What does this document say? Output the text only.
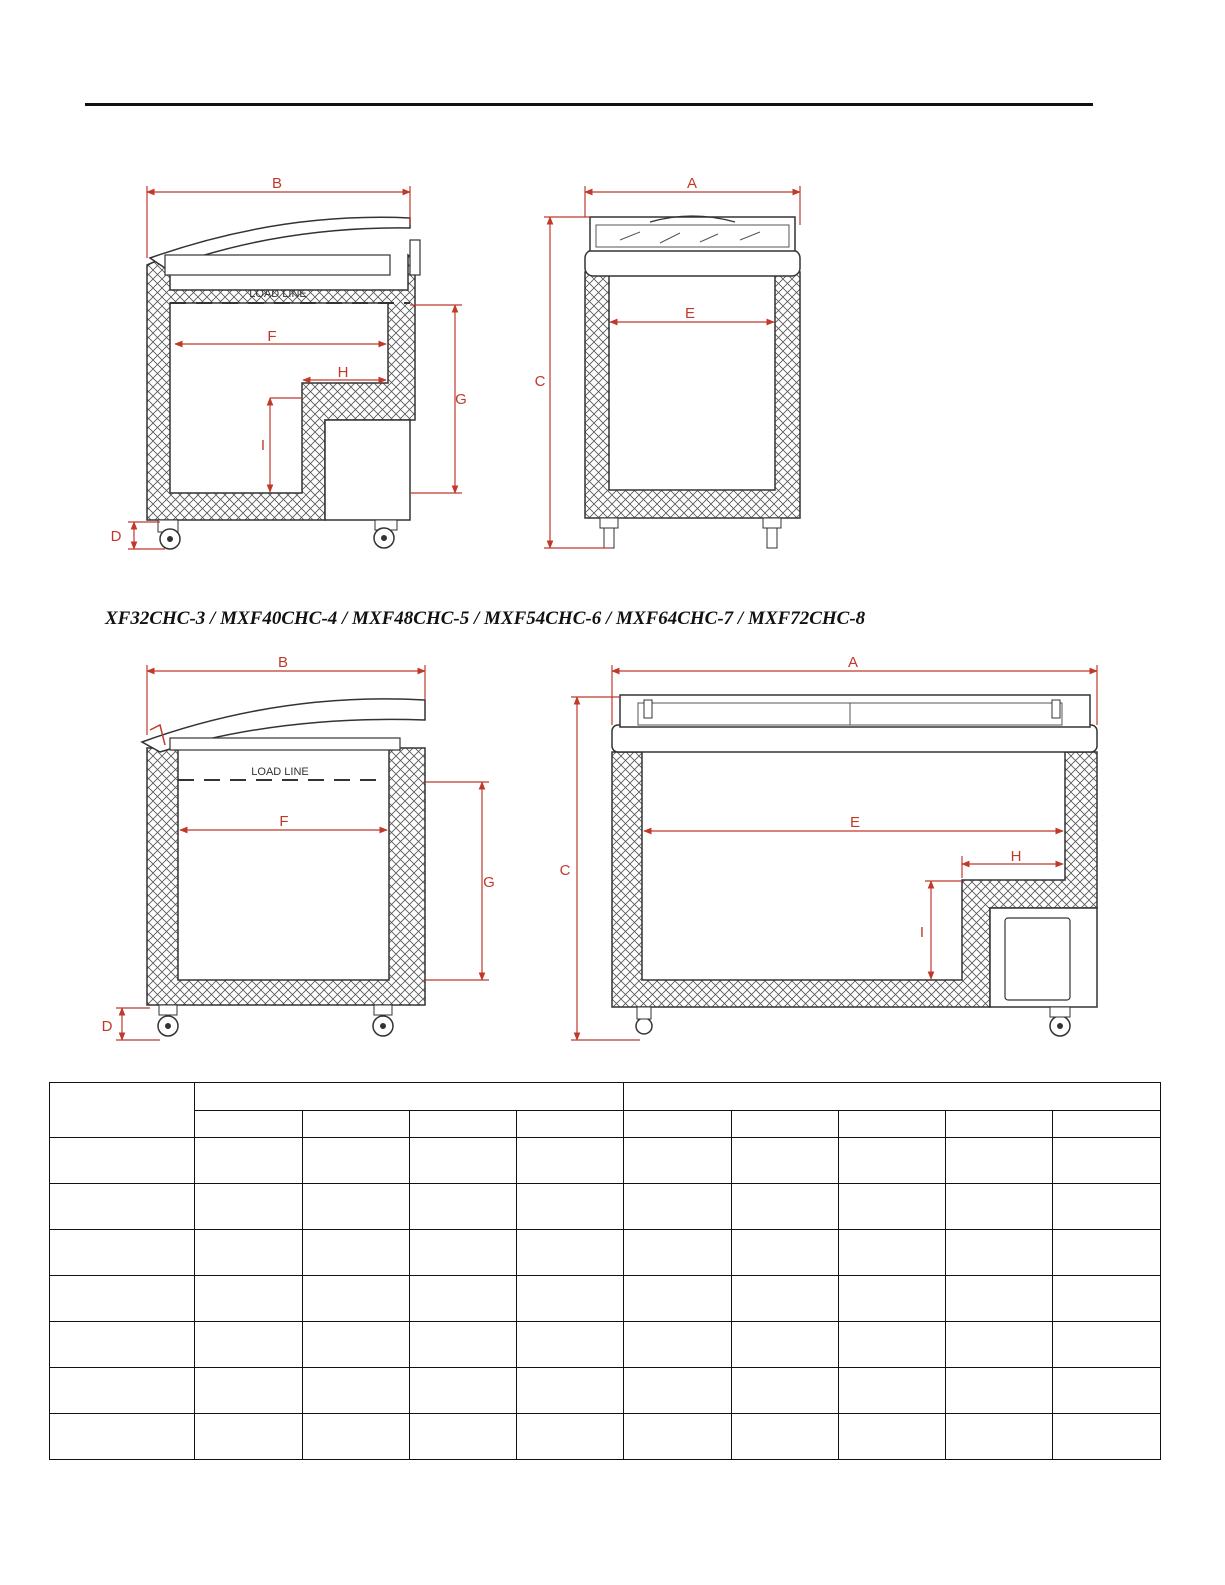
B
F
H
I
G
D
LOAD LINE
A
E
C
B
F
G
D
LOAD LINE
A
E
H
I
C
XF32CHC-3 / MXF40CHC-4 / MXF48CHC-5 / MXF54CHC-6 / MXF64CHC-7 / MXF72CHC-8
